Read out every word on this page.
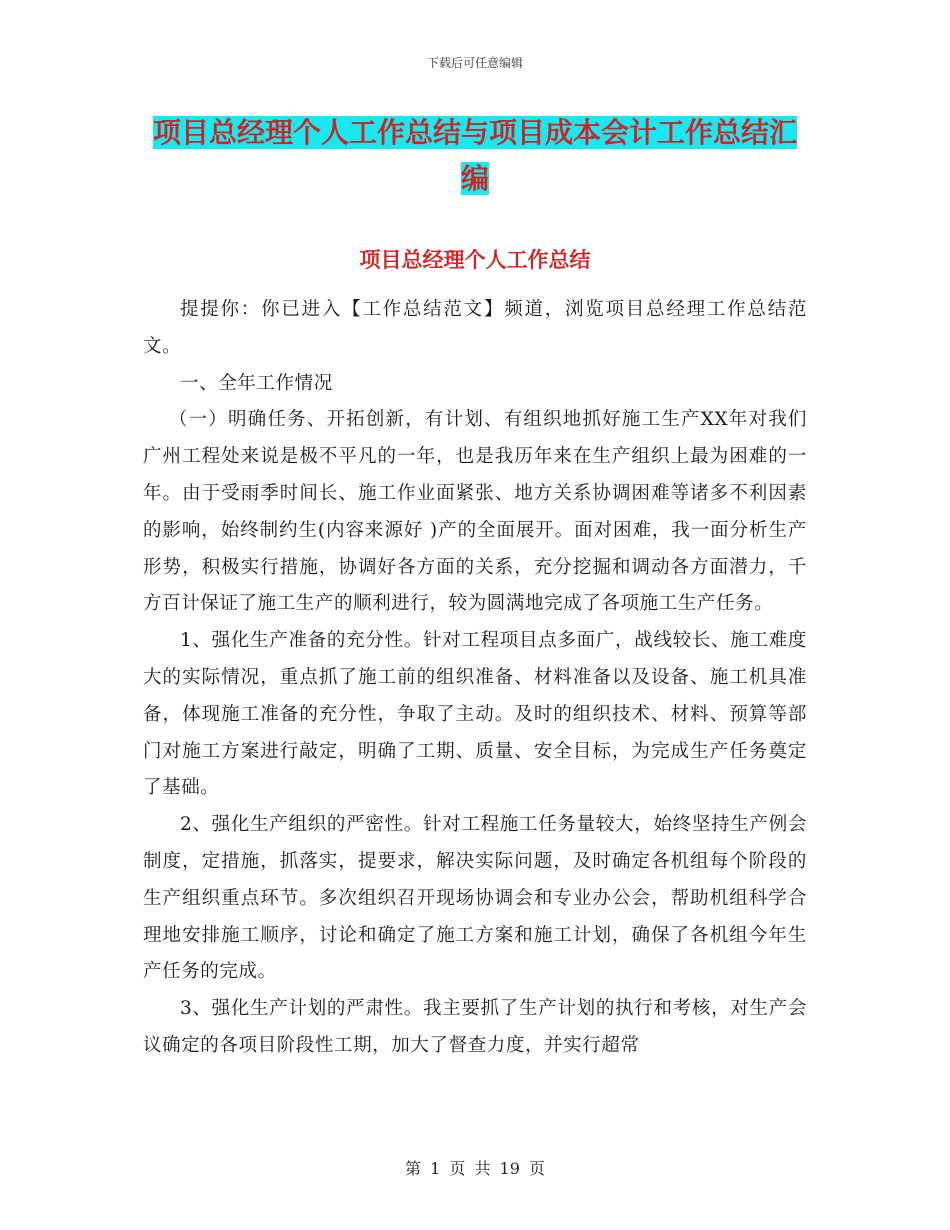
下载后可任意编辑
项目总经理个人工作总结与项目成本会计工作总结汇
编
项目总经理个人工作总结

提提你：你已进入【工作总结范文】频道，浏览项目总经理工作总结范文。

一、全年工作情况

（一）明确任务、开拓创新，有计划、有组织地抓好施工生产XX年对我们广州工程处来说是极不平凡的一年，也是我历年来在生产组织上最为困难的一年。由于受雨季时间长、施工作业面紧张、地方关系协调困难等诸多不利因素的影响，始终制约生(内容来源好 )产的全面展开。面对困难，我一面分析生产形势，积极实行措施，协调好各方面的关系，充分挖掘和调动各方面潜力，千方百计保证了施工生产的顺利进行，较为圆满地完成了各项施工生产任务。

1、强化生产准备的充分性。针对工程项目点多面广，战线较长、施工难度大的实际情况，重点抓了施工前的组织准备、材料准备以及设备、施工机具准备，体现施工准备的充分性，争取了主动。及时的组织技术、材料、预算等部门对施工方案进行敲定，明确了工期、质量、安全目标，为完成生产任务奠定了基础。

2、强化生产组织的严密性。针对工程施工任务量较大，始终坚持生产例会制度，定措施，抓落实，提要求，解决实际问题，及时确定各机组每个阶段的生产组织重点环节。多次组织召开现场协调会和专业办公会，帮助机组科学合理地安排施工顺序，讨论和确定了施工方案和施工计划，确保了各机组今年生产任务的完成。

3、强化生产计划的严肃性。我主要抓了生产计划的执行和考核，对生产会议确定的各项目阶段性工期，加大了督查力度，并实行超常

第 1 页 共 19 页
